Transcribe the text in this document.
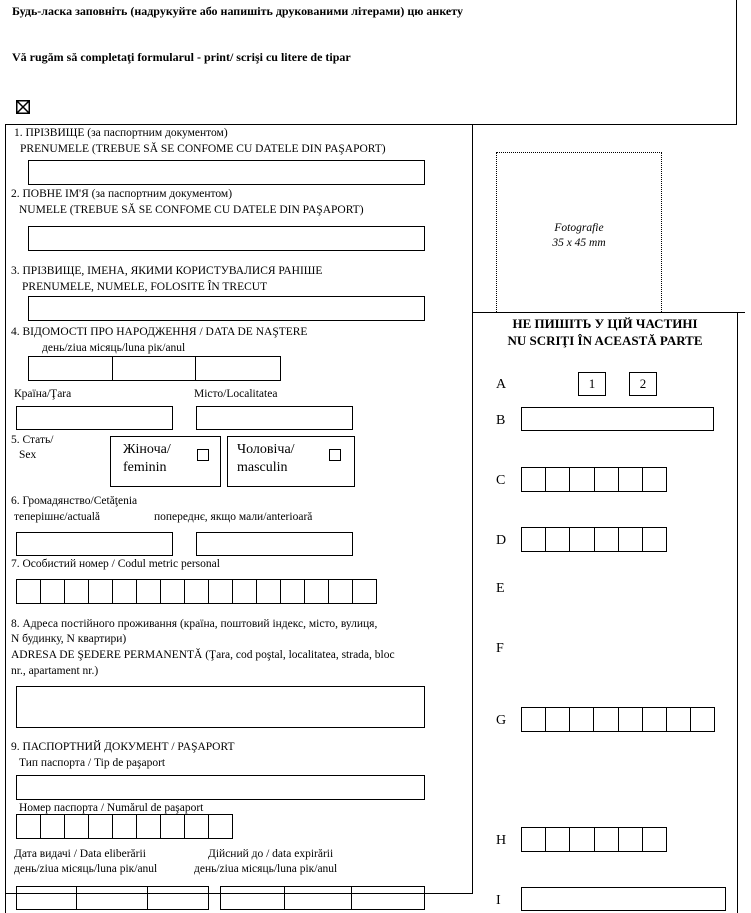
Будь-ласка заповніть (надрукуйте або напишіть друкованими літерами) цю анкету
Vă rugăm să completaţi formularul - print/ scrişi cu litere de tipar
1. ПРІЗВИЩЕ (за паспортним документом)
PRENUMELE (TREBUE SĂ SE CONFOME CU DATELE DIN PAŞAPORT)
2. ПОВНЕ ІМ'Я (за паспортним документом)
NUMELE (TREBUE SĂ SE CONFOME CU DATELE DIN PAŞAPORT)
3. ПРІЗВИЩЕ, ІМЕНА, ЯКИМИ КОРИСТУВАЛИСЯ РАНІШЕ
PRENUMELE, NUMELE, FOLOSITE ÎN TRECUT
4. ВІДОМОСТІ ПРО НАРОДЖЕННЯ / DATA DE NAŞTERE
день/ziua місяць/luna рік/anul
Країна/Ţara	Місто/Localitatea
5. Стать/
Sex	Жіноча/
feminin
Чоловіча/
masculin
6. Громадянство/Cetăţenia
теперішнє/actuală	попереднє, якщо мали/anterioară
7. Особистий номер / Codul metric personal
8. Адреса постійного проживання (країна, поштовий індекс, місто, вулиця,
N будинку, N квартири)
ADRESA DE ŞEDERE PERMANENTĂ (Ţara, cod poştal, localitatea, strada, bloc
nr., apartament nr.)
9. ПАСПОРТНИЙ ДОКУМЕНТ / PAŞAPORT
Тип паспорта / Tip de paşaport
Номер паспорта / Numărul de paşaport
Дата видачі / Data eliberării
день/ziua місяць/luna рік/anul
Дійсний до / data expirării
день/ziua місяць/luna рік/anul
Fotografie
35 x 45 mm
НЕ ПИШІТЬ У ЦІЙ ЧАСТИНІ
NU SCRIŢI ÎN ACEASTĂ PARTE
A	1	2
B
C
D
E
F
G
H
I
